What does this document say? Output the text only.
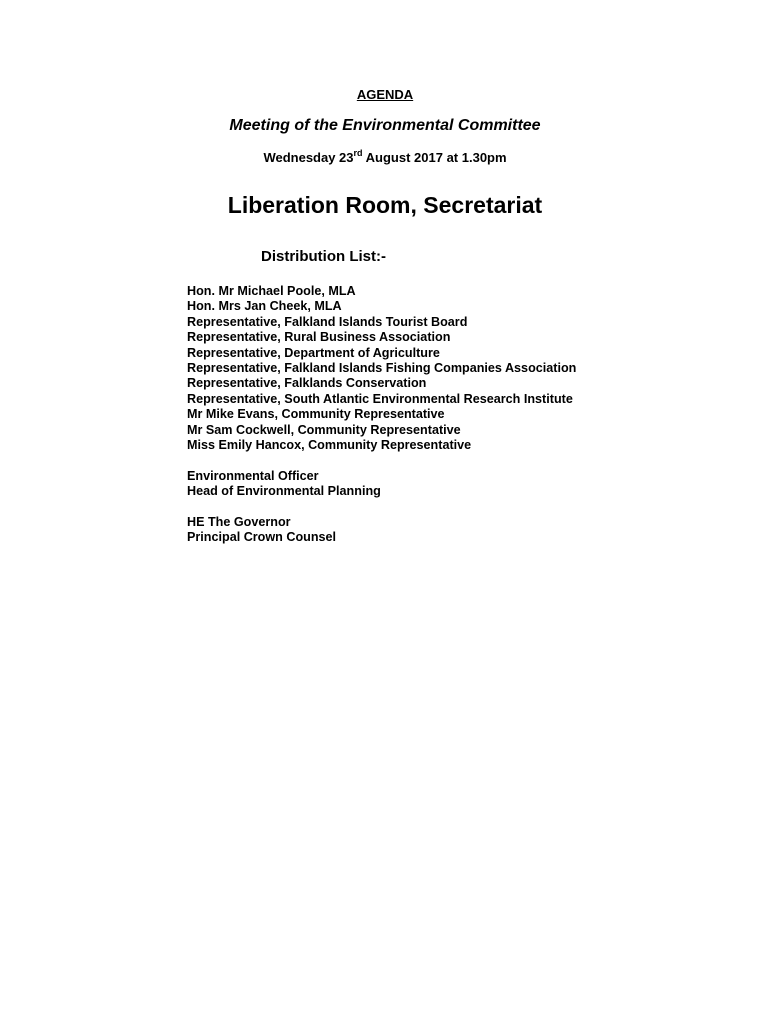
AGENDA
Meeting of the Environmental Committee
Wednesday 23rd August 2017 at 1.30pm
Liberation Room, Secretariat
Distribution List:-
Hon. Mr Michael Poole, MLA
Hon. Mrs Jan Cheek, MLA
Representative, Falkland Islands Tourist Board
Representative, Rural Business Association
Representative, Department of Agriculture
Representative, Falkland Islands Fishing Companies Association
Representative, Falklands Conservation
Representative, South Atlantic Environmental Research Institute
Mr Mike Evans, Community Representative
Mr Sam Cockwell, Community Representative
Miss Emily Hancox, Community Representative
Environmental Officer
Head of Environmental Planning
HE The Governor
Principal Crown Counsel
